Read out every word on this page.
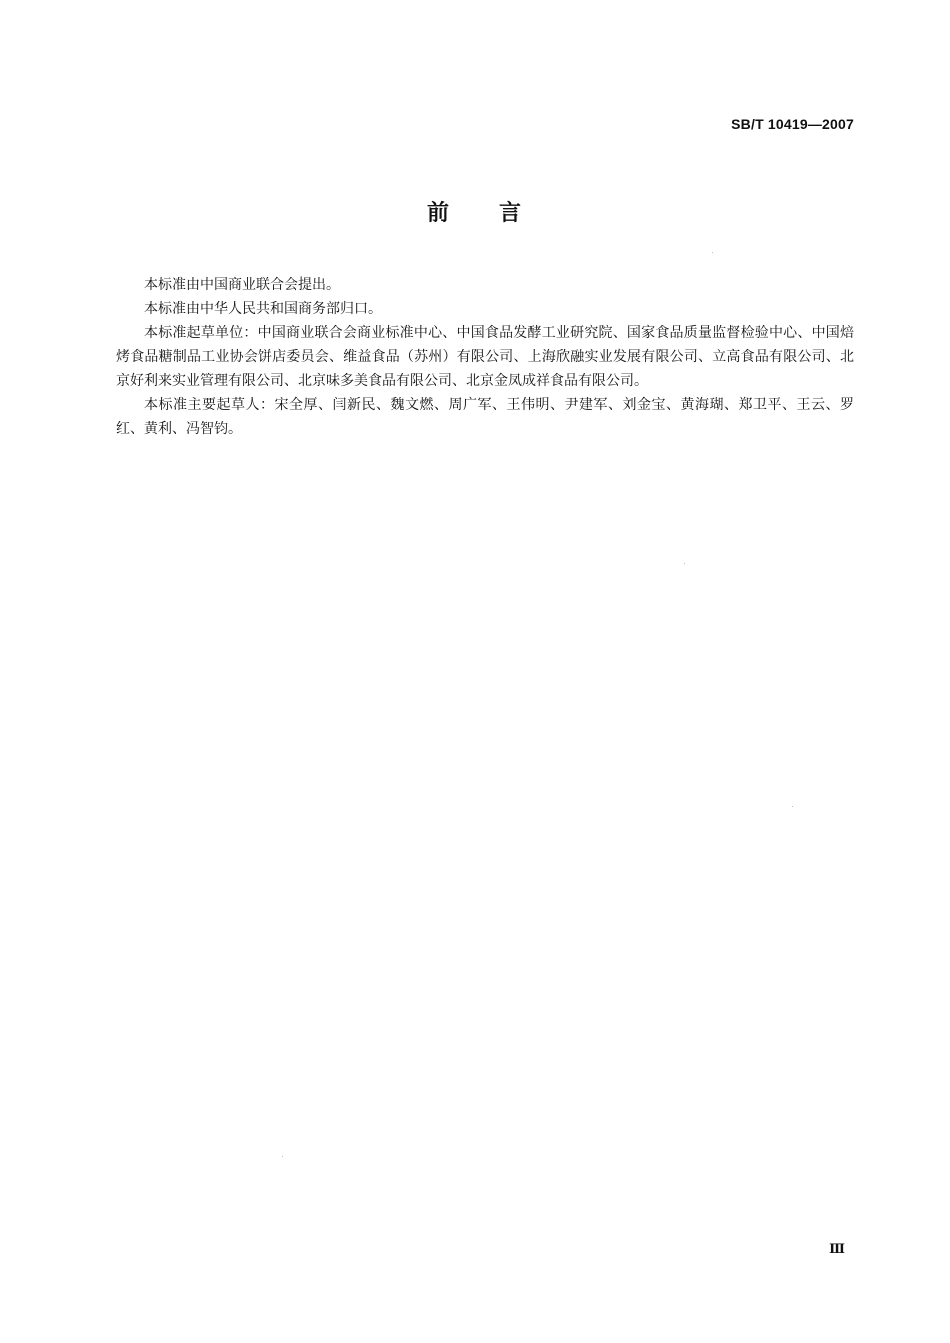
SB/T 10419—2007
前 言

本标准由中国商业联合会提出。

本标准由中华人民共和国商务部归口。

本标准起草单位：中国商业联合会商业标准中心、中国食品发酵工业研究院、国家食品质量监督检验中心、中国焙烤食品糖制品工业协会饼店委员会、维益食品（苏州）有限公司、上海欣融实业发展有限公司、立高食品有限公司、北京好利来实业管理有限公司、北京味多美食品有限公司、北京金凤成祥食品有限公司。

本标准主要起草人：宋全厚、闫新民、魏文燃、周广军、王伟明、尹建军、刘金宝、黄海瑚、郑卫平、王云、罗红、黄利、冯智钧。

Ⅲ
